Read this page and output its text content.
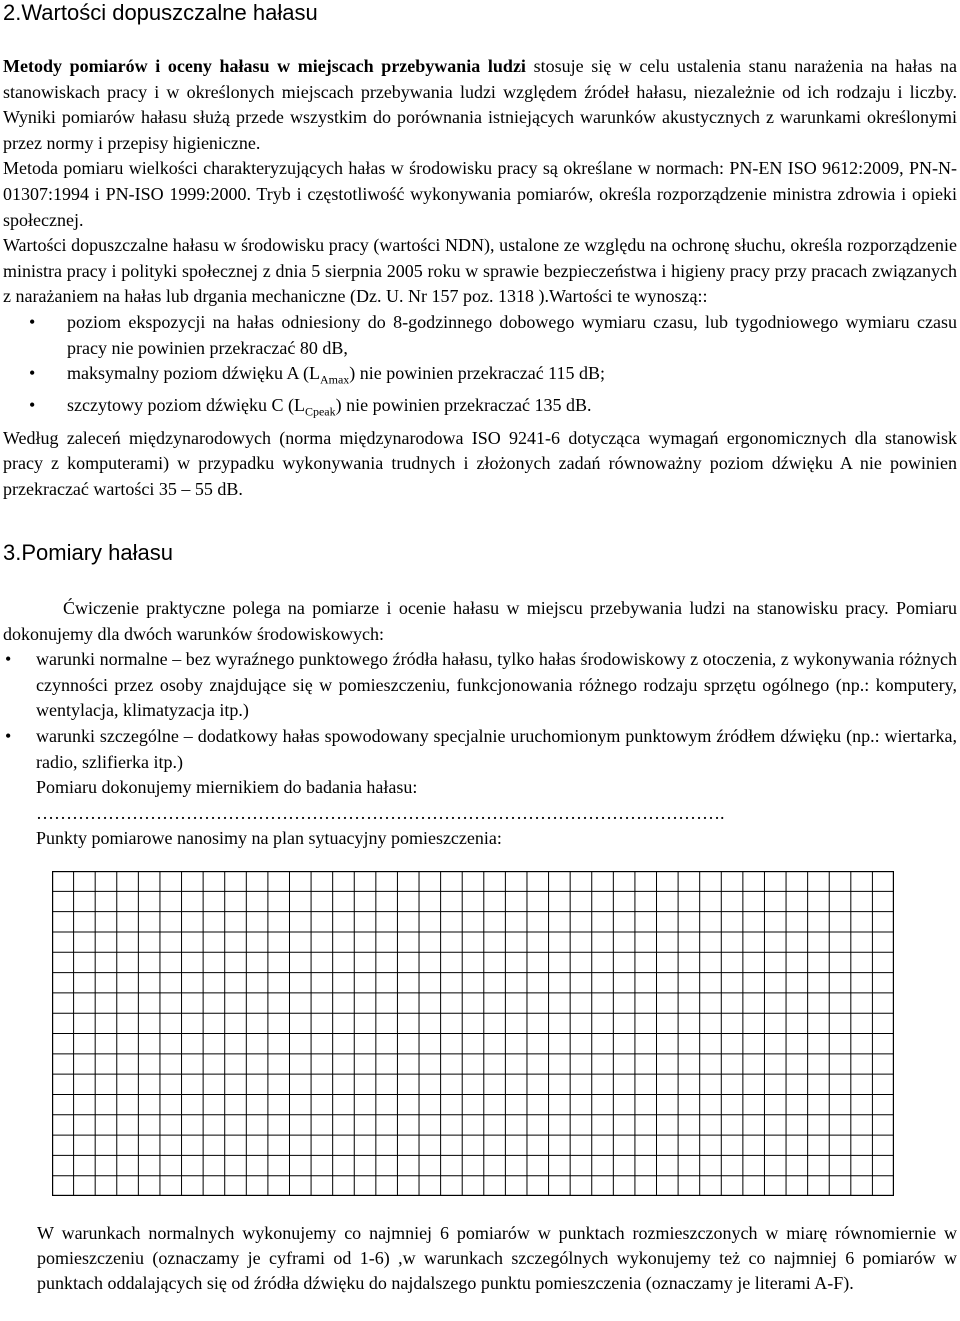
2.Wartości dopuszczalne hałasu

Metody pomiarów i oceny hałasu w miejscach przebywania ludzi stosuje się w celu ustalenia stanu narażenia na hałas na stanowiskach pracy i w określonych miejscach przebywania ludzi względem źródeł hałasu, niezależnie od ich rodzaju i liczby. Wyniki pomiarów hałasu służą przede wszystkim do porównania istniejących warunków akustycznych z warunkami określonymi przez normy i przepisy higieniczne.

Metoda pomiaru wielkości charakteryzujących hałas w środowisku pracy są określane w normach: PN-EN ISO 9612:2009, PN-N-01307:1994 i PN-ISO 1999:2000. Tryb i częstotliwość wykonywania pomiarów, określa rozporządzenie ministra zdrowia i opieki społecznej.

Wartości dopuszczalne hałasu w środowisku pracy (wartości NDN), ustalone ze względu na ochronę słuchu, określa rozporządzenie ministra pracy i polityki społecznej z dnia 5 sierpnia 2005 roku w sprawie bezpieczeństwa i higieny pracy przy pracach związanych z narażaniem na hałas lub drgania mechaniczne (Dz. U. Nr 157 poz. 1318 ).Wartości te wynoszą::

• poziom ekspozycji na hałas odniesiony do 8-godzinnego dobowego wymiaru czasu, lub tygodniowego wymiaru czasu pracy nie powinien przekraczać 80 dB,
• maksymalny poziom dźwięku A $(L_{Amax})$ nie powinien przekraczać 115 dB;
• szczytowy poziom dźwięku C $(L_{Cpeak})$ nie powinien przekraczać 135 dB.

Według zaleceń międzynarodowych (norma międzynarodowa ISO 9241-6 dotycząca wymagań ergonomicznych dla stanowisk pracy z komputerami) w przypadku wykonywania trudnych i złożonych zadań równoważny poziom dźwięku A nie powinien przekraczać wartości 35 – 55 dB.

3.Pomiary hałasu

Ćwiczenie praktyczne polega na pomiarze i ocenie hałasu w miejscu przebywania ludzi na stanowisku pracy. Pomiaru dokonujemy dla dwóch warunków środowiskowych:

• warunki normalne – bez wyraźnego punktowego źródła hałasu, tylko hałas środowiskowy z otoczenia, z wykonywania różnych czynności przez osoby znajdujące się w pomieszczeniu, funkcjonowania różnego rodzaju sprzętu ogólnego (np.: komputery, wentylacja, klimatyzacja itp.)
• warunki szczególne – dodatkowy hałas spowodowany specjalnie uruchomionym punktowym źródłem dźwięku (np.: wiertarka, radio, szlifierka itp.)

Pomiaru dokonujemy miernikiem do badania hałasu:

…………………………………………………………………………………………………….

Punkty pomiarowe nanosimy na plan sytuacyjny pomieszczenia:

W warunkach normalnych wykonujemy co najmniej 6 pomiarów w punktach rozmieszczonych w miarę równomiernie w pomieszczeniu (oznaczamy je cyframi od 1-6) ,w warunkach szczególnych wykonujemy też co najmniej 6 pomiarów w punktach oddalających się od źródła dźwięku do najdalszego punktu pomieszczenia (oznaczamy je literami A-F).
